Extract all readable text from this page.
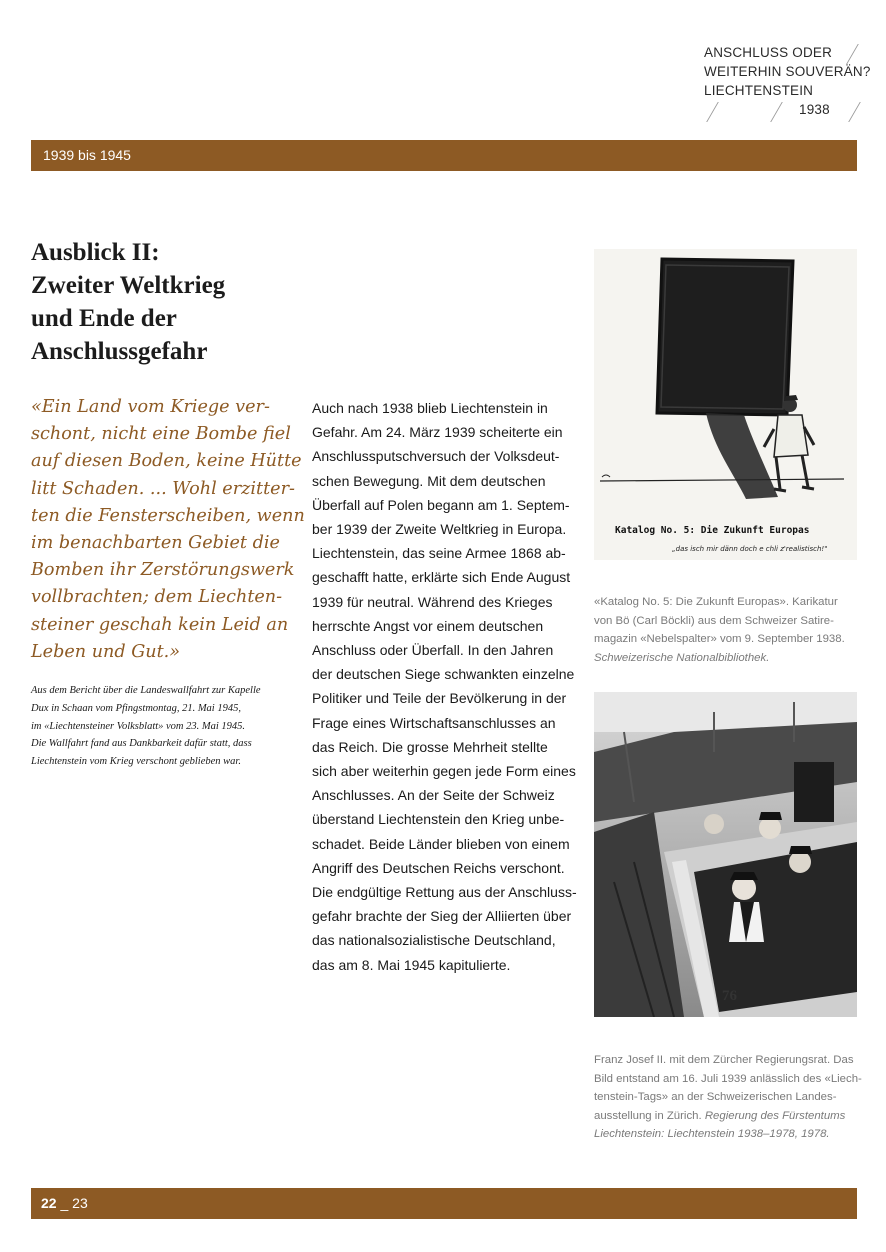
ANSCHLUSS ODER
WEITERHIN SOUVERÄN?
LIECHTENSTEIN
1938
1939 bis 1945
Ausblick II:
Zweiter Weltkrieg
und Ende der
Anschlussgefahr
«Ein Land vom Kriege ver-
schont, nicht eine Bombe fiel
auf diesen Boden, keine Hütte
litt Schaden. ... Wohl erzitter-
ten die Fensterscheiben, wenn
im benachbarten Gebiet die
Bomben ihr Zerstörungswerk
vollbrachten; dem Liechten-
steiner geschah kein Leid an
Leben und Gut.»
Aus dem Bericht über die Landeswallfahrt zur Kapelle
Dux in Schaan vom Pfingstmontag, 21. Mai 1945,
im «Liechtensteiner Volksblatt» vom 23. Mai 1945.
Die Wallfahrt fand aus Dankbarkeit dafür statt, dass
Liechtenstein vom Krieg verschont geblieben war.
Auch nach 1938 blieb Liechtenstein in
Gefahr. Am 24. März 1939 scheiterte ein
Anschlussputschversuch der Volksdeut-
schen Bewegung. Mit dem deutschen
Überfall auf Polen begann am 1. Septem-
ber 1939 der Zweite Weltkrieg in Europa.
Liechtenstein, das seine Armee 1868 ab-
geschafft hatte, erklärte sich Ende August
1939 für neutral. Während des Krieges
herrschte Angst vor einem deutschen
Anschluss oder Überfall. In den Jahren
der deutschen Siege schwankten einzelne
Politiker und Teile der Bevölkerung in der
Frage eines Wirtschaftsanschlusses an
das Reich. Die grosse Mehrheit stellte
sich aber weiterhin gegen jede Form eines
Anschlusses. An der Seite der Schweiz
überstand Liechtenstein den Krieg unbe-
schadet. Beide Länder blieben von einem
Angriff des Deutschen Reichs verschont.
Die endgültige Rettung aus der Anschluss-
gefahr brachte der Sieg der Alliierten über
das nationalsozialistische Deutschland,
das am 8. Mai 1945 kapitulierte.
Katalog No. 5: Die Zukunft Europas
„das isch mir dänn doch e chli z'realistisch!"
«Katalog No. 5: Die Zukunft Europas». Karikatur
von Bö (Carl Böckli) aus dem Schweizer Satire-
magazin «Nebelspalter» vom 9. September 1938.
Schweizerische Nationalbibliothek.
76
Franz Josef II. mit dem Zürcher Regierungsrat. Das
Bild entstand am 16. Juli 1939 anlässlich des «Liech-
tenstein-Tags» an der Schweizerischen Landes-
ausstellung in Zürich. Regierung des Fürstentums
Liechtenstein: Liechtenstein 1938–1978, 1978.
22 _ 23
